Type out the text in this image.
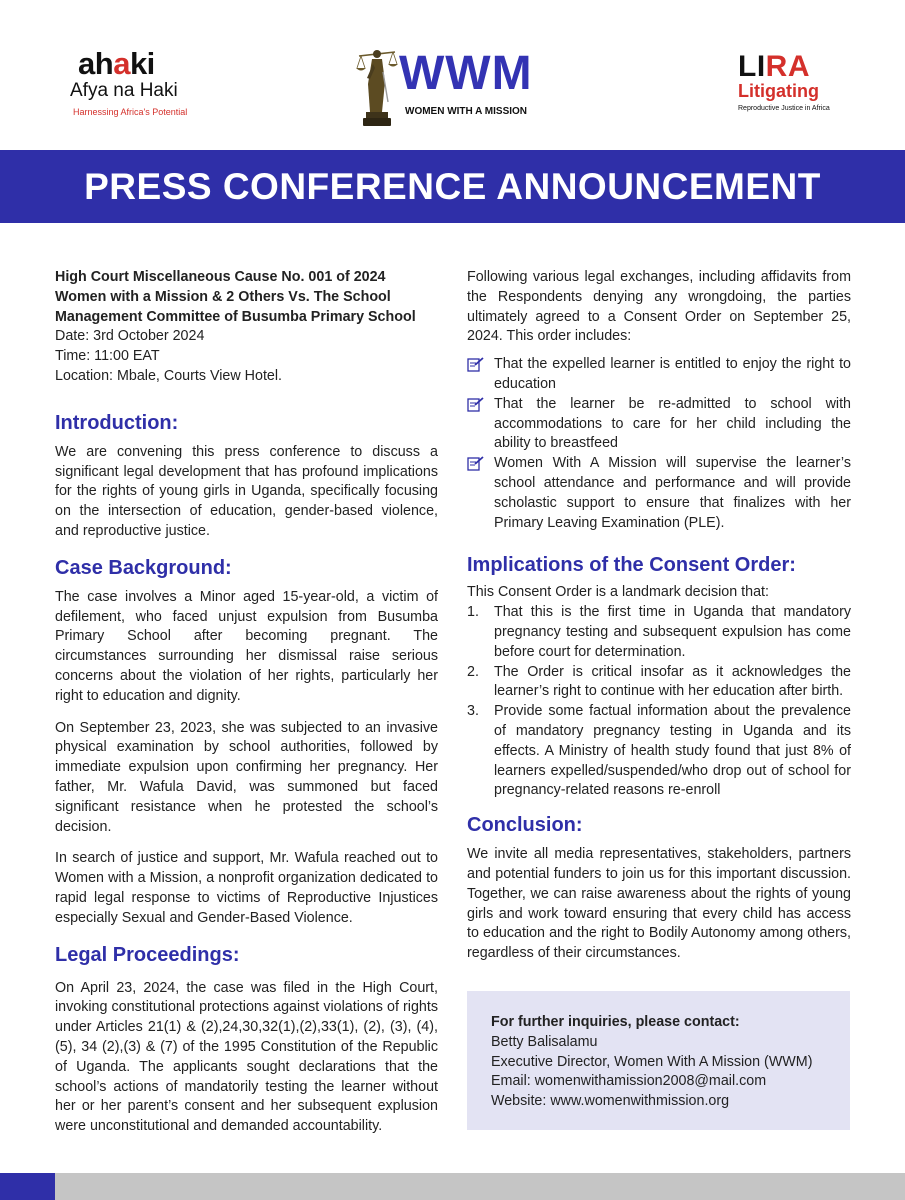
ahaki
Afya na Haki
Harnessing Africa's Potential
WWM
WOMEN WITH A MISSION
LIRA
Litigating
Reproductive Justice in Africa
PRESS CONFERENCE ANNOUNCEMENT
High Court Miscellaneous Cause No. 001 of 2024
Women with a Mission & 2 Others Vs. The School Management Committee of Busumba Primary School
Date: 3rd October 2024
Time: 11:00 EAT
Location: Mbale, Courts View Hotel.
Introduction:

We are convening this press conference to discuss a significant legal development that has profound implications for the rights of young girls in Uganda, specifically focusing on the intersection of education, gender-based violence, and reproductive justice.

Case Background:

The case involves a Minor aged 15-year-old, a victim of defilement, who faced unjust expulsion from Busumba Primary School after becoming pregnant. The circumstances surrounding her dismissal raise serious concerns about the violation of her rights, particularly her right to education and dignity.

On September 23, 2023, she was subjected to an invasive physical examination by school authorities, followed by immediate expulsion upon confirming her pregnancy. Her father, Mr. Wafula David, was summoned but faced significant resistance when he protested the school’s decision.

In search of justice and support, Mr. Wafula reached out to Women with a Mission, a nonprofit organization dedicated to rapid legal response to victims of Reproductive Injustices especially Sexual and Gender-Based Violence.

Legal Proceedings:

On April 23, 2024, the case was filed in the High Court, invoking constitutional protections against violations of rights under Articles 21(1) & (2),24,30,32(1),(2),33(1), (2), (3), (4), (5), 34 (2),(3) & (7) of the 1995 Constitution of the Republic of Uganda. The applicants sought declarations that the school’s actions of mandatorily testing the learner without her or her parent’s consent and her subsequent explusion were unconstitutional and demanded accountability.

Following various legal exchanges, including affidavits from the Respondents denying any wrongdoing, the parties ultimately agreed to a Consent Order on September 25, 2024. This order includes:

That the expelled learner is entitled to enjoy the right to education
That the learner be re-admitted to school with accommodations to care for her child including the ability to breastfeed
Women With A Mission will supervise the learner’s school attendance and performance and will provide scholastic support to ensure that finalizes with her Primary Leaving Examination (PLE).
Implications of the Consent Order:

This Consent Order is a landmark decision that:

1. That this is the first time in Uganda that mandatory pregnancy testing and subsequent expulsion has come before court for determination.
2. The Order is critical insofar as it acknowledges the learner’s right to continue with her education after birth.
3. Provide some factual information about the prevalence of mandatory pregnancy testing in Uganda and its effects. A Ministry of health study found that just 8% of learners expelled/suspended/who drop out of school for pregnancy-related reasons re-enroll
Conclusion:

We invite all media representatives, stakeholders, partners and potential funders to join us for this important discussion. Together, we can raise awareness about the rights of young girls and work toward ensuring that every child has access to education and the right to Bodily Autonomy among others, regardless of their circumstances.

For further inquiries, please contact:
Betty Balisalamu
Executive Director, Women With A Mission (WWM)
Email: womenwithamission2008@mail.com
Website: www.womenwithmission.org
